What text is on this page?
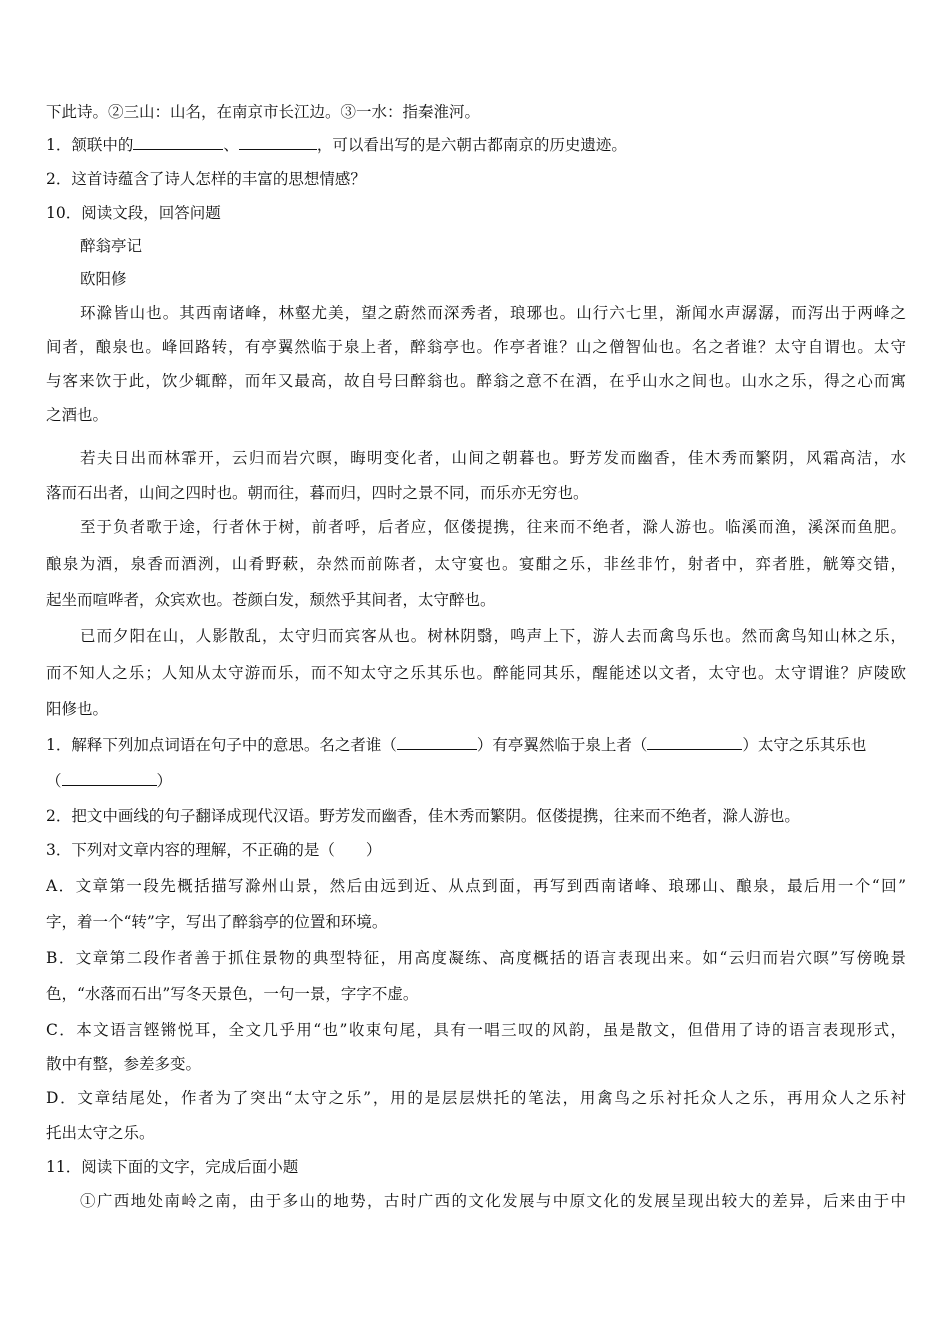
下此诗。②三山：山名，在南京市长江边。③一水：指秦淮河。
1．颔联中的	、	，可以看出写的是六朝古都南京的历史遗迹。
2．这首诗蕴含了诗人怎样的丰富的思想情感？
10．阅读文段，回答问题
醉翁亭记
欧阳修
环滁皆山也。其西南诸峰，林壑尤美，望之蔚然而深秀者，琅琊也。山行六七里，渐闻水声潺潺，而泻出于两峰之
间者，酿泉也。峰回路转，有亭翼然临于泉上者，醉翁亭也。作亭者谁？山之僧智仙也。名之者谁？太守自谓也。太守
与客来饮于此，饮少辄醉，而年又最高，故自号曰醉翁也。醉翁之意不在酒，在乎山水之间也。山水之乐，得之心而寓
之酒也。
若夫日出而林霏开，云归而岩穴暝，晦明变化者，山间之朝暮也。野芳发而幽香，佳木秀而繁阴，风霜高洁，水
落而石出者，山间之四时也。朝而往，暮而归，四时之景不同，而乐亦无穷也。
至于负者歌于途，行者休于树，前者呼，后者应，伛偻提携，往来而不绝者，滁人游也。临溪而渔，溪深而鱼肥。
酿泉为酒，泉香而酒洌，山肴野蔌，杂然而前陈者，太守宴也。宴酣之乐，非丝非竹，射者中，弈者胜，觥筹交错，
起坐而喧哗者，众宾欢也。苍颜白发，颓然乎其间者，太守醉也。
已而夕阳在山，人影散乱，太守归而宾客从也。树林阴翳，鸣声上下，游人去而禽鸟乐也。然而禽鸟知山林之乐，
而不知人之乐；人知从太守游而乐，而不知太守之乐其乐也。醉能同其乐，醒能述以文者，太守也。太守谓谁？庐陵欧
阳修也。
1．解释下列加点词语在句子中的意思。名之者谁（	）有亭翼然临于泉上者（	）太守之乐其乐也
（	）
2．把文中画线的句子翻译成现代汉语。野芳发而幽香，佳木秀而繁阴。伛偻提携，往来而不绝者，滁人游也。
3．下列对文章内容的理解，不正确的是（　　）
A．文章第一段先概括描写滁州山景，然后由远到近、从点到面，再写到西南诸峰、琅琊山、酿泉，最后用一个“回”
字，着一个“转”字，写出了醉翁亭的位置和环境。
B．文章第二段作者善于抓住景物的典型特征，用高度凝练、高度概括的语言表现出来。如“云归而岩穴暝”写傍晚景
色，“水落而石出”写冬天景色，一句一景，字字不虚。
C．本文语言铿锵悦耳，全文几乎用“也”收束句尾，具有一唱三叹的风韵，虽是散文，但借用了诗的语言表现形式，
散中有整，参差多变。
D．文章结尾处，作者为了突出“太守之乐”，用的是层层烘托的笔法，用禽鸟之乐衬托众人之乐，再用众人之乐衬
托出太守之乐。
11．阅读下面的文字，完成后面小题
①广西地处南岭之南，由于多山的地势，古时广西的文化发展与中原文化的发展呈现出较大的差异，后来由于中
